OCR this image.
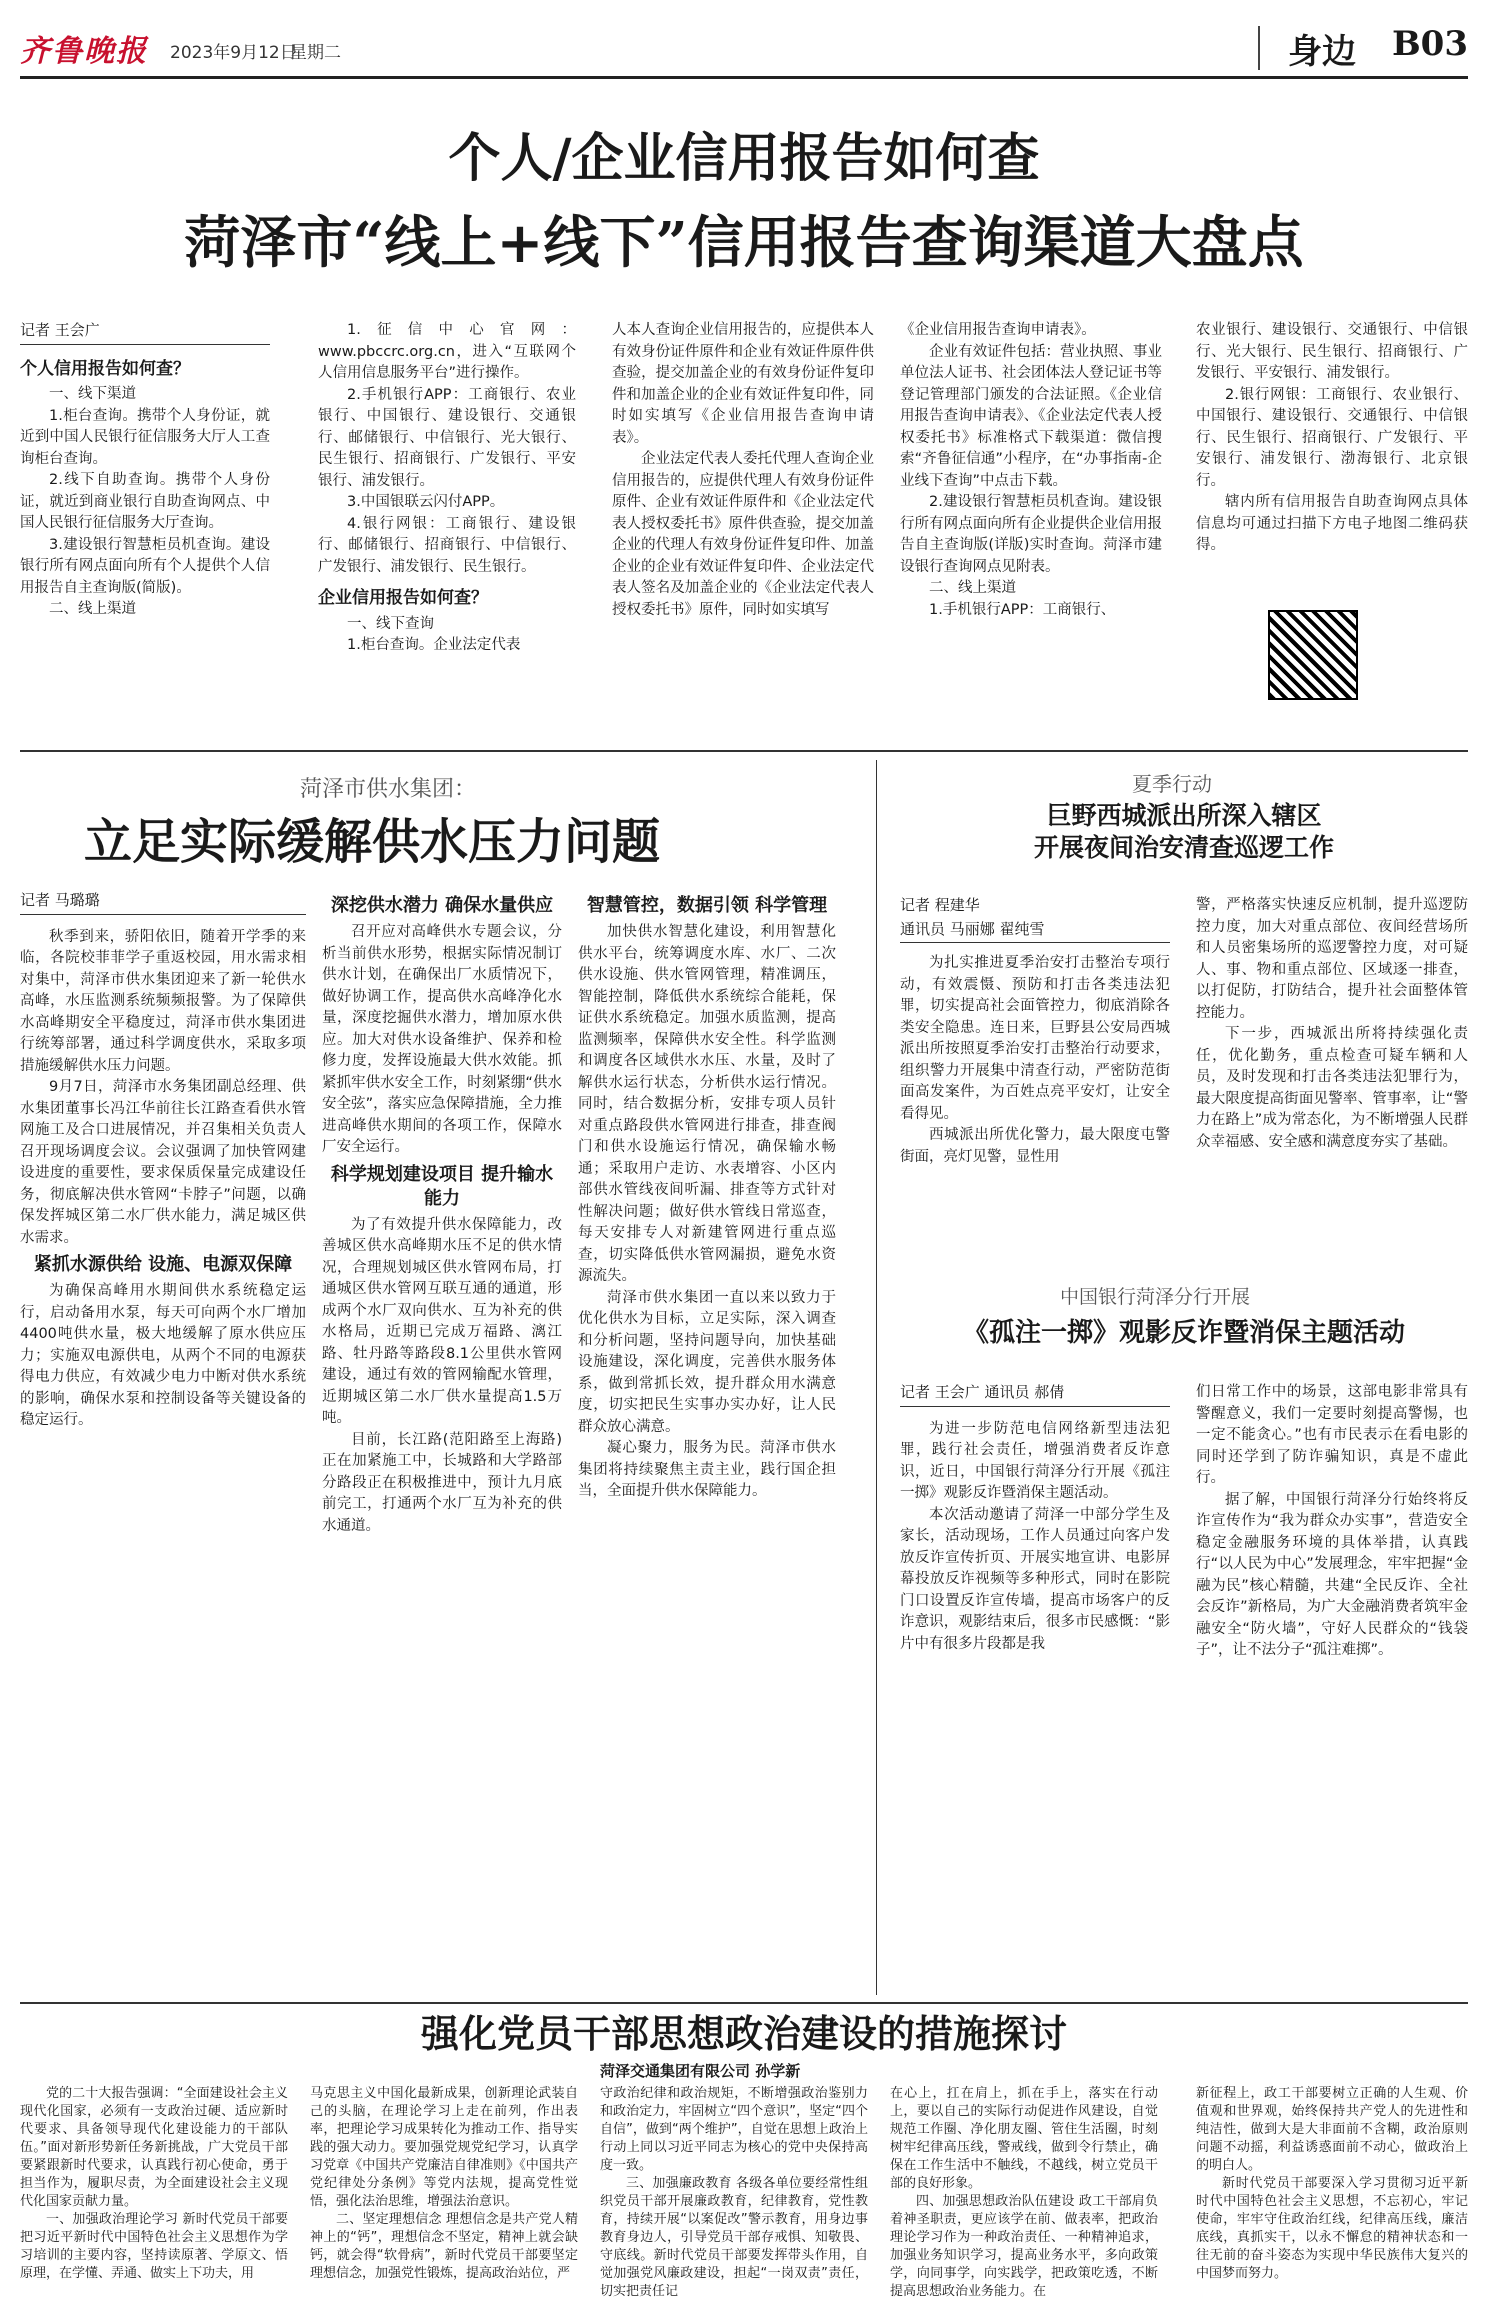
齐鲁晚报 2023年9月12日
星期二	身边 B03
个人/企业信用报告如何查
菏泽市“线上+线下”信用报告查询渠道大盘点
记者 王会广
个人信用报告如何查？

一、线下渠道

1.柜台查询。携带个人身份证，就近到中国人民银行征信服务大厅人工查询柜台查询。

2.线下自助查询。携带个人身份证，就近到商业银行自助查询网点、中国人民银行征信服务大厅查询。

3.建设银行智慧柜员机查询。建设银行所有网点面向所有个人提供个人信用报告自主查询版(简版)。

二、线上渠道

1.征信中心官网：www.pbccrc.org.cn，进入“互联网个人信用信息服务平台”进行操作。

2.手机银行APP：工商银行、农业银行、中国银行、建设银行、交通银行、邮储银行、中信银行、光大银行、民生银行、招商银行、广发银行、平安银行、浦发银行。

3.中国银联云闪付APP。

4.银行网银：工商银行、建设银行、邮储银行、招商银行、中信银行、广发银行、浦发银行、民生银行。

企业信用报告如何查？

一、线下查询

1.柜台查询。企业法定代表

人本人查询企业信用报告的，应提供本人有效身份证件原件和企业有效证件原件供查验，提交加盖企业的有效身份证件复印件和加盖企业的企业有效证件复印件，同时如实填写《企业信用报告查询申请表》。

企业法定代表人委托代理人查询企业信用报告的，应提供代理人有效身份证件原件、企业有效证件原件和《企业法定代表人授权委托书》原件供查验，提交加盖企业的代理人有效身份证件复印件、加盖企业的企业有效证件复印件、企业法定代表人签名及加盖企业的《企业法定代表人授权委托书》原件，同时如实填写

《企业信用报告查询申请表》。

企业有效证件包括：营业执照、事业单位法人证书、社会团体法人登记证书等登记管理部门颁发的合法证照。《企业信用报告查询申请表》、《企业法定代表人授权委托书》标准格式下载渠道：微信搜索“齐鲁征信通”小程序，在“办事指南-企业线下查询”中点击下载。

2.建设银行智慧柜员机查询。建设银行所有网点面向所有企业提供企业信用报告自主查询版(详版)实时查询。菏泽市建设银行查询网点见附表。

二、线上渠道

1.手机银行APP：工商银行、

农业银行、建设银行、交通银行、中信银行、光大银行、民生银行、招商银行、广发银行、平安银行、浦发银行。

2.银行网银：工商银行、农业银行、中国银行、建设银行、交通银行、中信银行、民生银行、招商银行、广发银行、平安银行、浦发银行、渤海银行、北京银行。

辖内所有信用报告自助查询网点具体信息均可通过扫描下方电子地图二维码获得。

菏泽市供水集团：
立足实际缓解供水压力问题
记者 马璐璐

秋季到来，骄阳依旧，随着开学季的来临，各院校菲菲学子重返校园，用水需求相对集中，菏泽市供水集团迎来了新一轮供水高峰，水压监测系统频频报警。为了保障供水高峰期安全平稳度过，菏泽市供水集团进行统筹部署，通过科学调度供水，采取多项措施缓解供水压力问题。

9月7日，菏泽市水务集团副总经理、供水集团董事长冯江华前往长江路查看供水管网施工及合口进展情况，并召集相关负责人召开现场调度会议。会议强调了加快管网建设进度的重要性，要求保质保量完成建设任务，彻底解决供水管网“卡脖子”问题，以确保发挥城区第二水厂供水能力，满足城区供水需求。

紧抓水源供给 设施、电源双保障

为确保高峰用水期间供水系统稳定运行，启动备用水泵，每天可向两个水厂增加4400吨供水量，极大地缓解了原水供应压力；实施双电源供电，从两个不同的电源获得电力供应，有效减少电力中断对供水系统的影响，确保水泵和控制设备等关键设备的稳定运行。

深挖供水潜力 确保水量供应

召开应对高峰供水专题会议，分析当前供水形势，根据实际情况制订供水计划，在确保出厂水质情况下，做好协调工作，提高供水高峰净化水量，深度挖掘供水潜力，增加原水供应。加大对供水设备维护、保养和检修力度，发挥设施最大供水效能。抓紧抓牢供水安全工作，时刻紧绷“供水安全弦”，落实应急保障措施，全力推进高峰供水期间的各项工作，保障水厂安全运行。

科学规划建设项目 提升输水能力

为了有效提升供水保障能力，改善城区供水高峰期水压不足的供水情况，合理规划城区供水管网布局，打通城区供水管网互联互通的通道，形成两个水厂双向供水、互为补充的供水格局，近期已完成万福路、漓江路、牡丹路等路段8.1公里供水管网建设，通过有效的管网输配水管理，近期城区第二水厂供水量提高1.5万吨。

目前，长江路(范阳路至上海路)正在加紧施工中，长城路和大学路部分路段正在积极推进中，预计九月底前完工，打通两个水厂互为补充的供水通道。

智慧管控，数据引领 科学管理

加快供水智慧化建设，利用智慧化供水平台，统筹调度水库、水厂、二次供水设施、供水管网管理，精准调压，智能控制，降低供水系统综合能耗，保证供水系统稳定。加强水质监测，提高监测频率，保障供水安全性。科学监测和调度各区域供水水压、水量，及时了解供水运行状态，分析供水运行情况。同时，结合数据分析，安排专项人员针对重点路段供水管网进行排查，排查阀门和供水设施运行情况，确保输水畅通；采取用户走访、水表增容、小区内部供水管线夜间听漏、排查等方式针对性解决问题；做好供水管线日常巡查，每天安排专人对新建管网进行重点巡查，切实降低供水管网漏损，避免水资源流失。

菏泽市供水集团一直以来以致力于优化供水为目标，立足实际，深入调查和分析问题，坚持问题导向，加快基础设施建设，深化调度，完善供水服务体系，做到常抓长效，提升群众用水满意度，切实把民生实事办实办好，让人民群众放心满意。

凝心聚力，服务为民。菏泽市供水集团将持续聚焦主责主业，践行国企担当，全面提升供水保障能力。

夏季行动
巨野西城派出所深入辖区
开展夜间治安清查巡逻工作
记者 程建华
通讯员 马丽娜 翟纯雪

为扎实推进夏季治安打击整治专项行动，有效震慑、预防和打击各类违法犯罪，切实提高社会面管控力，彻底消除各类安全隐患。连日来，巨野县公安局西城派出所按照夏季治安打击整治行动要求，组织警力开展集中清查行动，严密防范街面高发案件，为百姓点亮平安灯，让安全看得见。

西城派出所优化警力，最大限度屯警街面，亮灯见警，显性用

警，严格落实快速反应机制，提升巡逻防控力度，加大对重点部位、夜间经营场所和人员密集场所的巡逻警控力度，对可疑人、事、物和重点部位、区域逐一排查，以打促防，打防结合，提升社会面整体管控能力。

下一步，西城派出所将持续强化责任，优化勤务，重点检查可疑车辆和人员，及时发现和打击各类违法犯罪行为，最大限度提高街面见警率、管事率，让“警力在路上”成为常态化，为不断增强人民群众幸福感、安全感和满意度夯实了基础。

中国银行菏泽分行开展
《孤注一掷》观影反诈暨消保主题活动
记者 王会广 通讯员 郝倩

为进一步防范电信网络新型违法犯罪，践行社会责任，增强消费者反诈意识，近日，中国银行菏泽分行开展《孤注一掷》观影反诈暨消保主题活动。

本次活动邀请了菏泽一中部分学生及家长，活动现场，工作人员通过向客户发放反诈宣传折页、开展实地宣讲、电影屏幕投放反诈视频等多种形式，同时在影院门口设置反诈宣传墙，提高市场客户的反诈意识，观影结束后，很多市民感慨：“影片中有很多片段都是我

们日常工作中的场景，这部电影非常具有警醒意义，我们一定要时刻提高警惕，也一定不能贪心。”也有市民表示在看电影的同时还学到了防诈骗知识，真是不虚此行。

据了解，中国银行菏泽分行始终将反诈宣传作为“我为群众办实事”，营造安全稳定金融服务环境的具体举措，认真践行“以人民为中心”发展理念，牢牢把握“金融为民”核心精髓，共建“全民反诈、全社会反诈”新格局，为广大金融消费者筑牢金融安全“防火墙”，守好人民群众的“钱袋子”，让不法分子“孤注难掷”。

强化党员干部思想政治建设的措施探讨
菏泽交通集团有限公司 孙学新

党的二十大报告强调：“全面建设社会主义现代化国家，必须有一支政治过硬、适应新时代要求、具备领导现代化建设能力的干部队伍。”面对新形势新任务新挑战，广大党员干部要紧跟新时代要求，认真践行初心使命，勇于担当作为，履职尽责，为全面建设社会主义现代化国家贡献力量。

一、加强政治理论学习 新时代党员干部要把习近平新时代中国特色社会主义思想作为学习培训的主要内容，坚持读原著、学原文、悟原理，在学懂、弄通、做实上下功夫，用

马克思主义中国化最新成果，创新理论武装自己的头脑，在理论学习上走在前列，作出表率，把理论学习成果转化为推动工作、指导实践的强大动力。要加强党规党纪学习，认真学习党章《中国共产党廉洁自律准则》《中国共产党纪律处分条例》等党内法规，提高党性觉悟，强化法治思维，增强法治意识。

二、坚定理想信念 理想信念是共产党人精神上的“钙”，理想信念不坚定，精神上就会缺钙，就会得“软骨病”，新时代党员干部要坚定理想信念，加强党性锻炼，提高政治站位，严

守政治纪律和政治规矩，不断增强政治鉴别力和政治定力，牢固树立“四个意识”，坚定“四个自信”，做到“两个维护”，自觉在思想上政治上行动上同以习近平同志为核心的党中央保持高度一致。

三、加强廉政教育 各级各单位要经常性组织党员干部开展廉政教育，纪律教育，党性教育，持续开展“以案促改”警示教育，用身边事教育身边人，引导党员干部存戒惧、知敬畏、守底线。新时代党员干部要发挥带头作用，自觉加强党风廉政建设，担起“一岗双责”责任，切实把责任记

在心上，扛在肩上，抓在手上，落实在行动上，要以自己的实际行动促进作风建设，自觉规范工作圈、净化朋友圈、管住生活圈，时刻树牢纪律高压线，警戒线，做到令行禁止，确保在工作生活中不触线，不越线，树立党员干部的良好形象。

四、加强思想政治队伍建设 政工干部肩负着神圣职责，更应该学在前、做表率，把政治理论学习作为一种政治责任、一种精神追求，加强业务知识学习，提高业务水平，多向政策学，向同事学，向实践学，把政策吃透，不断提高思想政治业务能力。在

新征程上，政工干部要树立正确的人生观、价值观和世界观，始终保持共产党人的先进性和纯洁性，做到大是大非面前不含糊，政治原则问题不动摇，利益诱惑面前不动心，做政治上的明白人。

新时代党员干部要深入学习贯彻习近平新时代中国特色社会主义思想，不忘初心，牢记使命，牢牢守住政治红线，纪律高压线，廉洁底线，真抓实干，以永不懈怠的精神状态和一往无前的奋斗姿态为实现中华民族伟大复兴的中国梦而努力。
